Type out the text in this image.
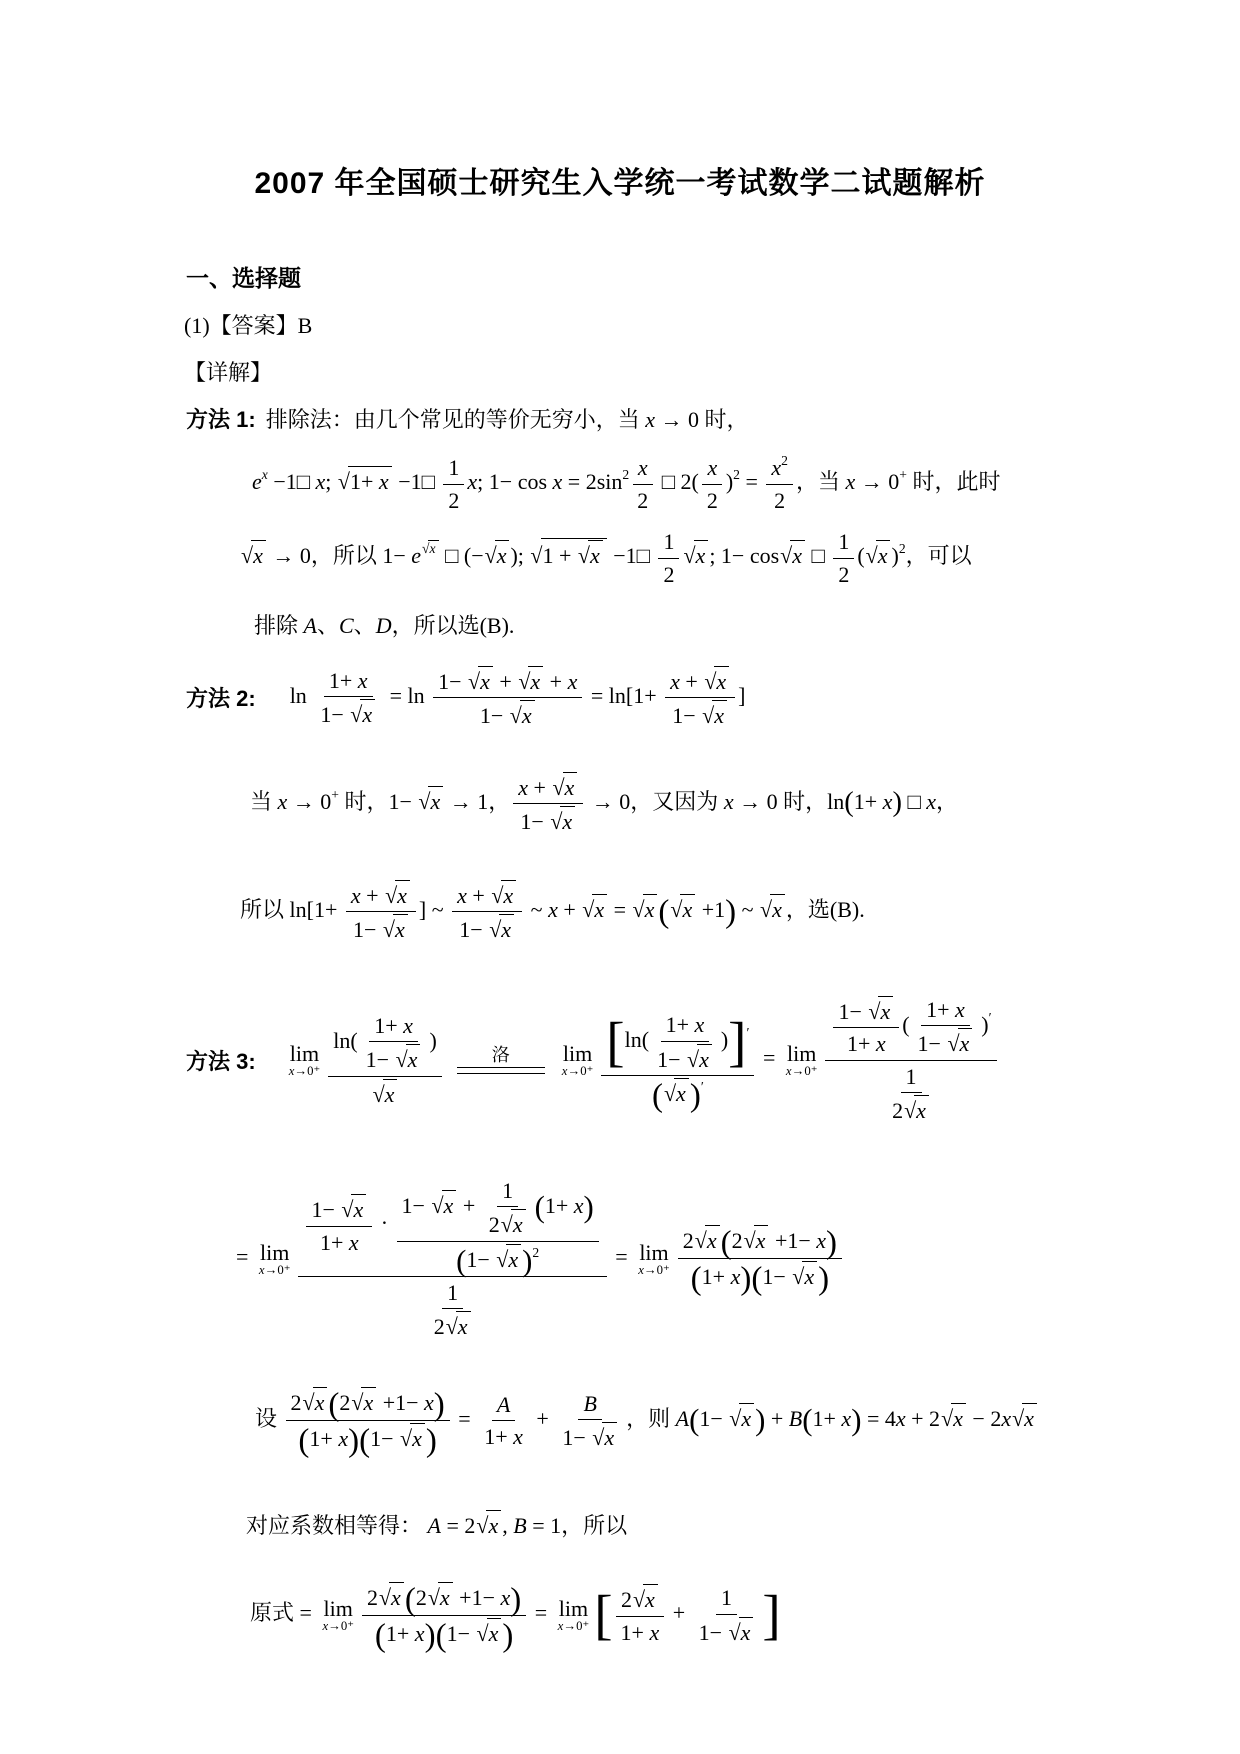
2007 年全国硕士研究生入学统一考试数学二试题解析
一、选择题
(1)【答案】B
【详解】
方法 1: 排除法：由几个常见的等价无穷小，当 x → 0 时，
ex −1□ x; √1+ x −1□ $\frac{1}{2} x$; $1- \cos x = 2\sin 2 \frac{x}{2}$ □ $2( \frac{x}{2} )2 = \frac{x2}{2}$ ，当 x → 0+ 时，此时
√x → 0，所以 1− e√x □ (−√x ); √1 + √x −1□ $\frac{1}{2} √x$ ; 1− cos√x □ $\frac{1}{2} (√x$ )2，可以
排除 A、C、D，所以选(B).
方法 2: $\ln \frac{1+ x}{1- √x} = \ln \frac{1- √x + √x + x}{1- √x} = \ln[1+ \frac{x + √x}{1- √x}$ ]
当 x → 0+ 时，1− √x → 1， $\frac{x + √x}{1- √x} \to 0$，又因为 x → 0 时，ln(1+ x) □ x，
所以 $\ln[1+ \frac{x + √x}{1- √x}$ ] ~ $\frac{x + √x}{1- √x}$ ~ x + √x = √x (√x +1) ~ √x ，选(B).
方法 3: lim
$x\to 0^+ \frac{\ln( \frac{1+ x}{1- √x} )}{√x}$	洛 lim
$x\to 0^+ \frac{[\ln( \frac{1+ x}{1- √x} )]'}{(√x )'} = \lim$
$x\to 0^+ \frac{\frac{1- √x}{1+ x} ( \frac{1+ x}{1- √x} )'}{\frac{1}{2√x}}$
= lim
$x\to 0^+ \frac{\frac{1- √x}{1+ x} \cdot \frac{1- √x + \frac{1}{2√x} (1+ x)}{(1- √x )2}}{\frac{1}{2√x}} = \lim$
$x\to 0^+ \frac{2√x (2√x +1- x)}{(1+ x)(1- √x )}$
设 $\frac{2√x (2√x +1- x)}{(1+ x)(1- √x )} = \frac{A}{1+ x} + \frac{B}{1- √x}$ ，则 A(1− √x ) + B(1+ x) = 4x + 2√x − 2x√x
对应系数相等得： A = 2√x , B = 1，所以
原式 = lim
$x\to 0^+ \frac{2√x (2√x +1- x)}{(1+ x)(1- √x )} = \lim$
x→0⁺ [ $\frac{2√x}{1+ x} + \frac{1}{1- √x}$ ]
